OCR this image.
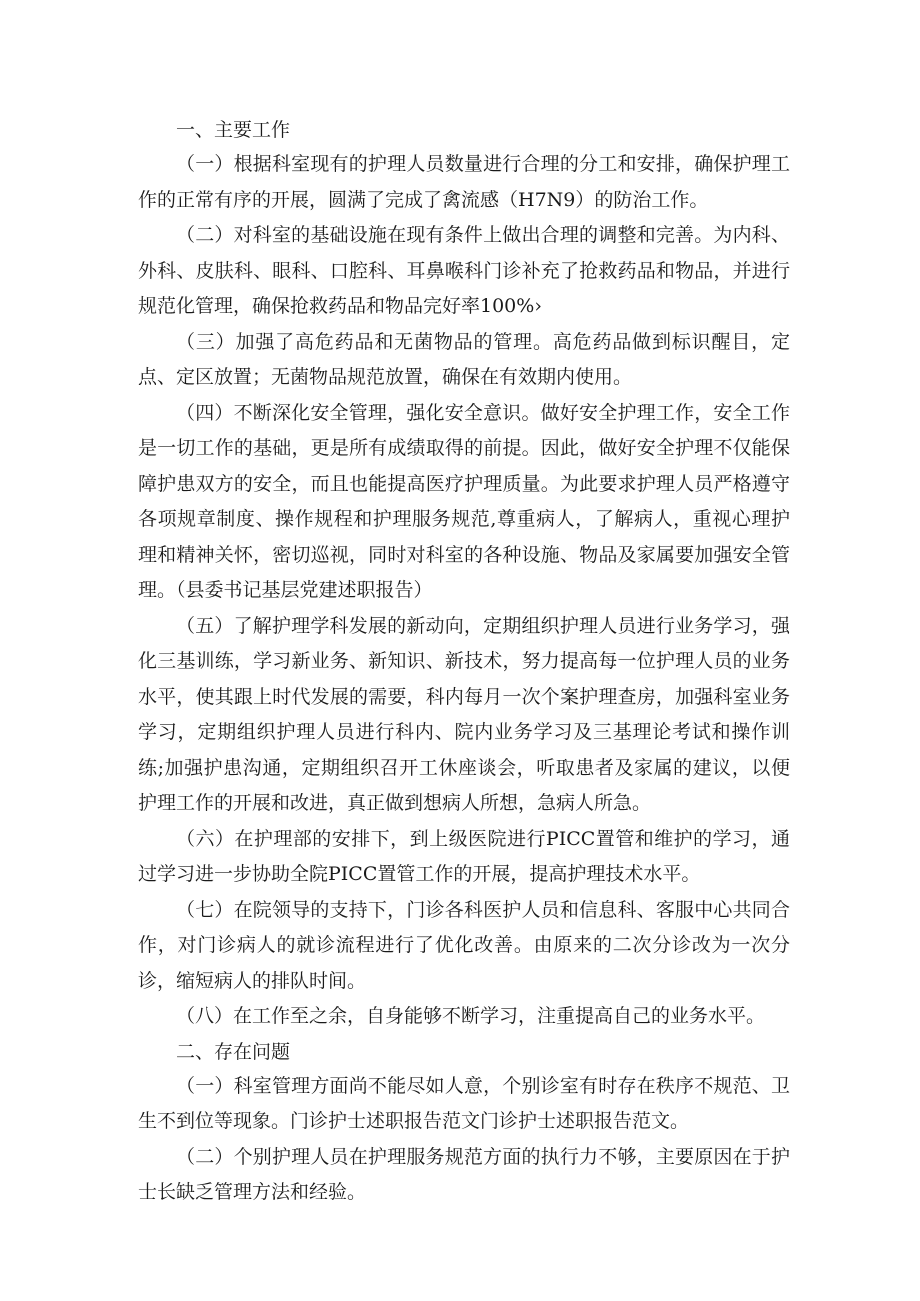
一、主要工作

（一）根据科室现有的护理人员数量进行合理的分工和安排，确保护理工作的正常有序的开展，圆满了完成了禽流感（H7N9）的防治工作。

（二）对科室的基础设施在现有条件上做出合理的调整和完善。为内科、外科、皮肤科、眼科、口腔科、耳鼻喉科门诊补充了抢救药品和物品，并进行规范化管理，确保抢救药品和物品完好率100%›

（三）加强了高危药品和无菌物品的管理。高危药品做到标识醒目，定点、定区放置；无菌物品规范放置，确保在有效期内使用。

（四）不断深化安全管理，强化安全意识。做好安全护理工作，安全工作是一切工作的基础，更是所有成绩取得的前提。因此，做好安全护理不仅能保障护患双方的安全，而且也能提高医疗护理质量。为此要求护理人员严格遵守各项规章制度、操作规程和护理服务规范,尊重病人，了解病人，重视心理护理和精神关怀，密切巡视，同时对科室的各种设施、物品及家属要加强安全管理。（县委书记基层党建述职报告）

（五）了解护理学科发展的新动向，定期组织护理人员进行业务学习，强化三基训练，学习新业务、新知识、新技术，努力提高每一位护理人员的业务水平，使其跟上时代发展的需要，科内每月一次个案护理查房，加强科室业务学习，定期组织护理人员进行科内、院内业务学习及三基理论考试和操作训练;加强护患沟通，定期组织召开工休座谈会，听取患者及家属的建议，以便护理工作的开展和改进，真正做到想病人所想，急病人所急。

（六）在护理部的安排下，到上级医院进行PICC置管和维护的学习，通过学习进一步协助全院PICC置管工作的开展，提高护理技术水平。

（七）在院领导的支持下，门诊各科医护人员和信息科、客服中心共同合作，对门诊病人的就诊流程进行了优化改善。由原来的二次分诊改为一次分诊，缩短病人的排队时间。

（八）在工作至之余，自身能够不断学习，注重提高自己的业务水平。

二、存在问题

（一）科室管理方面尚不能尽如人意，个别诊室有时存在秩序不规范、卫生不到位等现象。门诊护士述职报告范文门诊护士述职报告范文。

（二）个别护理人员在护理服务规范方面的执行力不够，主要原因在于护士长缺乏管理方法和经验。
